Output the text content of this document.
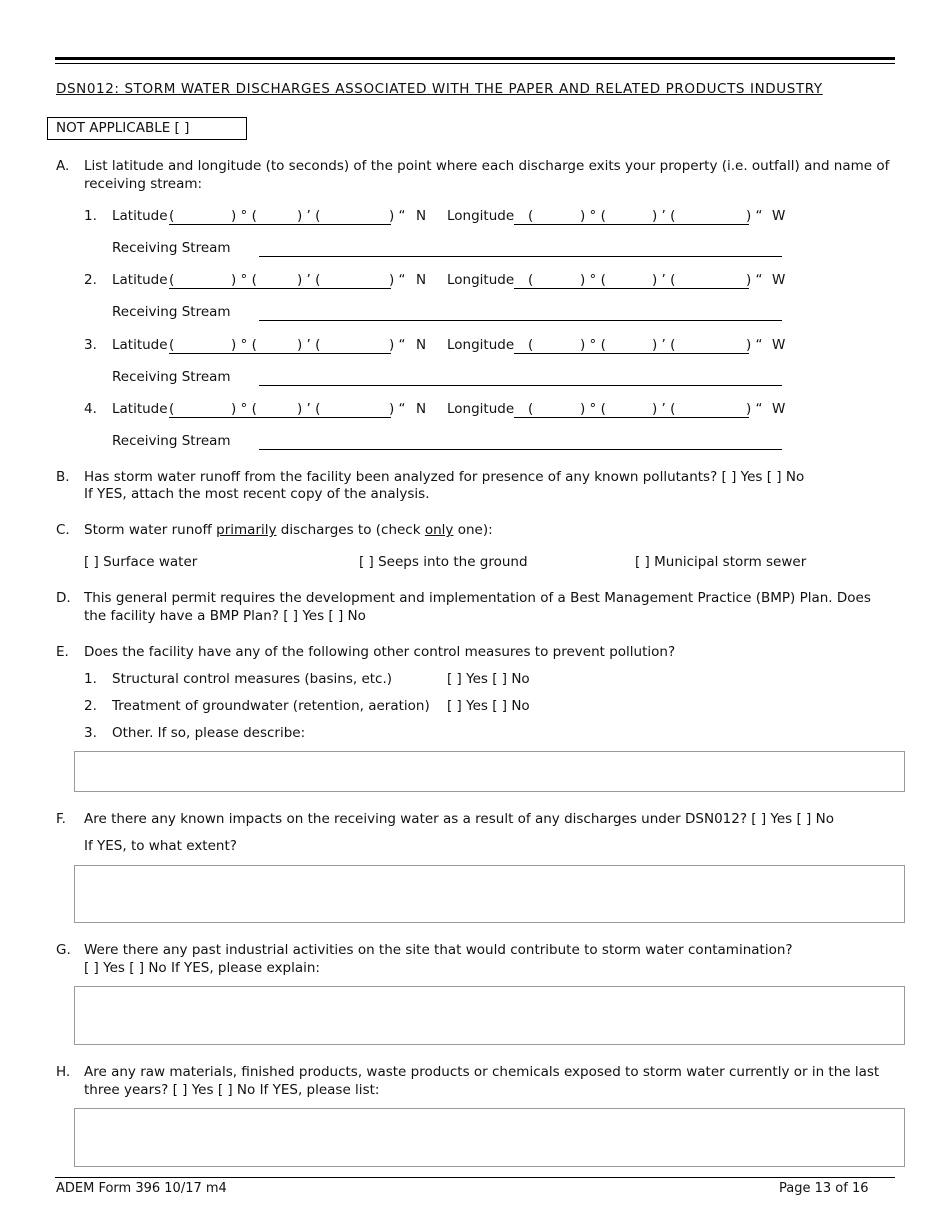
DSN012: STORM WATER DISCHARGES ASSOCIATED WITH THE PAPER AND RELATED PRODUCTS INDUSTRY
NOT APPLICABLE [ ]
A. List latitude and longitude (to seconds) of the point where each discharge exits your property (i.e. outfall) and name of
receiving stream:
1. Latitude (	) ° (	) ’ (	) “ N Longitude (	) ° (	) ’ (	) “ W
Receiving Stream
2. Latitude (	) ° (	) ’ (	) “ N Longitude (	) ° (	) ’ (	) “ W
Receiving Stream
3. Latitude (	) ° (	) ’ (	) “ N Longitude (	) ° (	) ’ (	) “ W
Receiving Stream
4. Latitude (	) ° (	) ’ (	) “ N Longitude (	) ° (	) ’ (	) “ W
Receiving Stream
B. Has storm water runoff from the facility been analyzed for presence of any known pollutants? [ ] Yes [ ] No
If YES, attach the most recent copy of the analysis.
C. Storm water runoff primarily discharges to (check only one):
[ ] Surface water	[ ] Seeps into the ground	[ ] Municipal storm sewer
D. This general permit requires the development and implementation of a Best Management Practice (BMP) Plan. Does
the facility have a BMP Plan? [ ] Yes [ ] No
E. Does the facility have any of the following other control measures to prevent pollution?
1. Structural control measures (basins, etc.)	[ ] Yes [ ] No
2. Treatment of groundwater (retention, aeration) [ ] Yes [ ] No
3. Other. If so, please describe:
F. Are there any known impacts on the receiving water as a result of any discharges under DSN012? [ ] Yes [ ] No
If YES, to what extent?
G. Were there any past industrial activities on the site that would contribute to storm water contamination?
[ ] Yes [ ] No If YES, please explain:
H. Are any raw materials, finished products, waste products or chemicals exposed to storm water currently or in the last
three years? [ ] Yes [ ] No If YES, please list:
ADEM Form 396 10/17 m4	Page 13 of 16
